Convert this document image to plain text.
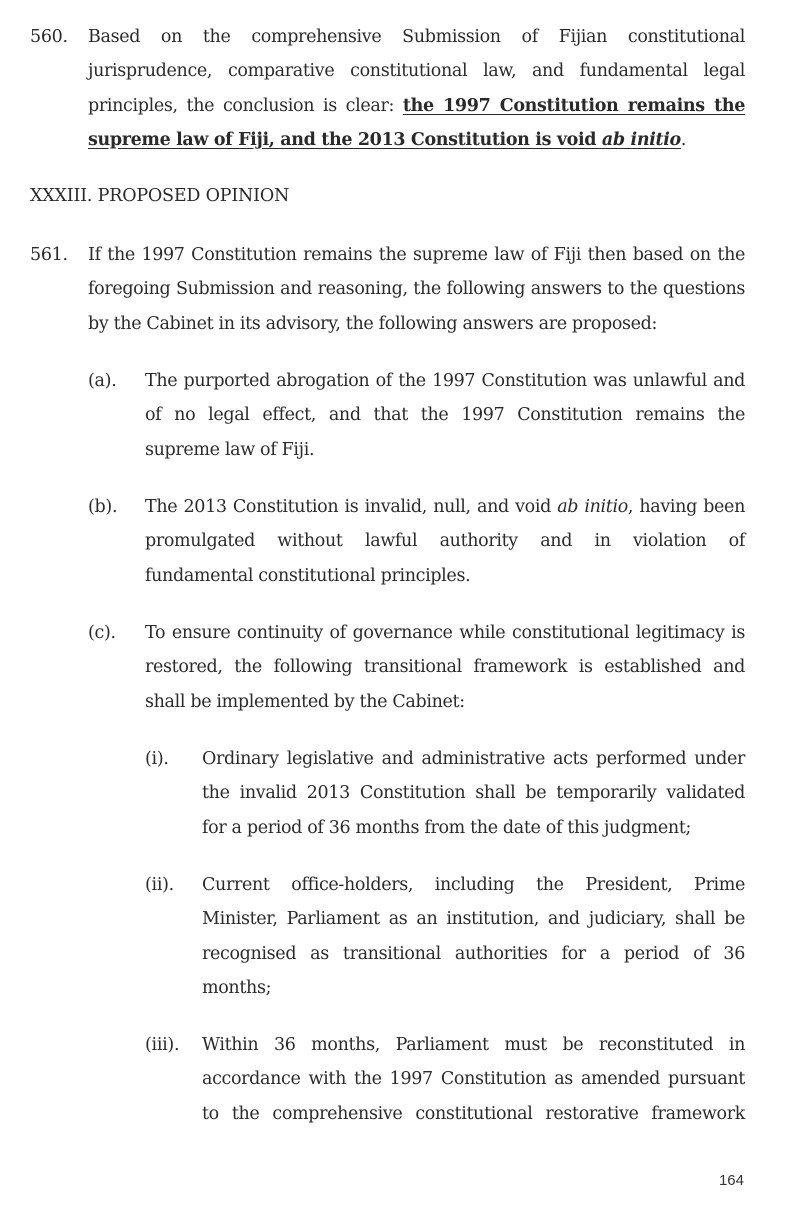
560. Based on the comprehensive Submission of Fijian constitutional
jurisprudence, comparative constitutional law, and fundamental legal
principles, the conclusion is clear: the 1997 Constitution remains the
supreme law of Fiji, and the 2013 Constitution is void ab initio.
XXXIII. PROPOSED OPINION
561. If the 1997 Constitution remains the supreme law of Fiji then based on the
foregoing Submission and reasoning, the following answers to the questions
by the Cabinet in its advisory, the following answers are proposed:
(a). The purported abrogation of the 1997 Constitution was unlawful and
of no legal effect, and that the 1997 Constitution remains the
supreme law of Fiji.
(b). The 2013 Constitution is invalid, null, and void ab initio, having been
promulgated without lawful authority and in violation of
fundamental constitutional principles.
(c). To ensure continuity of governance while constitutional legitimacy is
restored, the following transitional framework is established and
shall be implemented by the Cabinet:
(i). Ordinary legislative and administrative acts performed under
the invalid 2013 Constitution shall be temporarily validated
for a period of 36 months from the date of this judgment;
(ii). Current office-holders, including the President, Prime
Minister, Parliament as an institution, and judiciary, shall be
recognised as transitional authorities for a period of 36
months;
(iii). Within 36 months, Parliament must be reconstituted in
accordance with the 1997 Constitution as amended pursuant
to the comprehensive constitutional restorative framework
164
